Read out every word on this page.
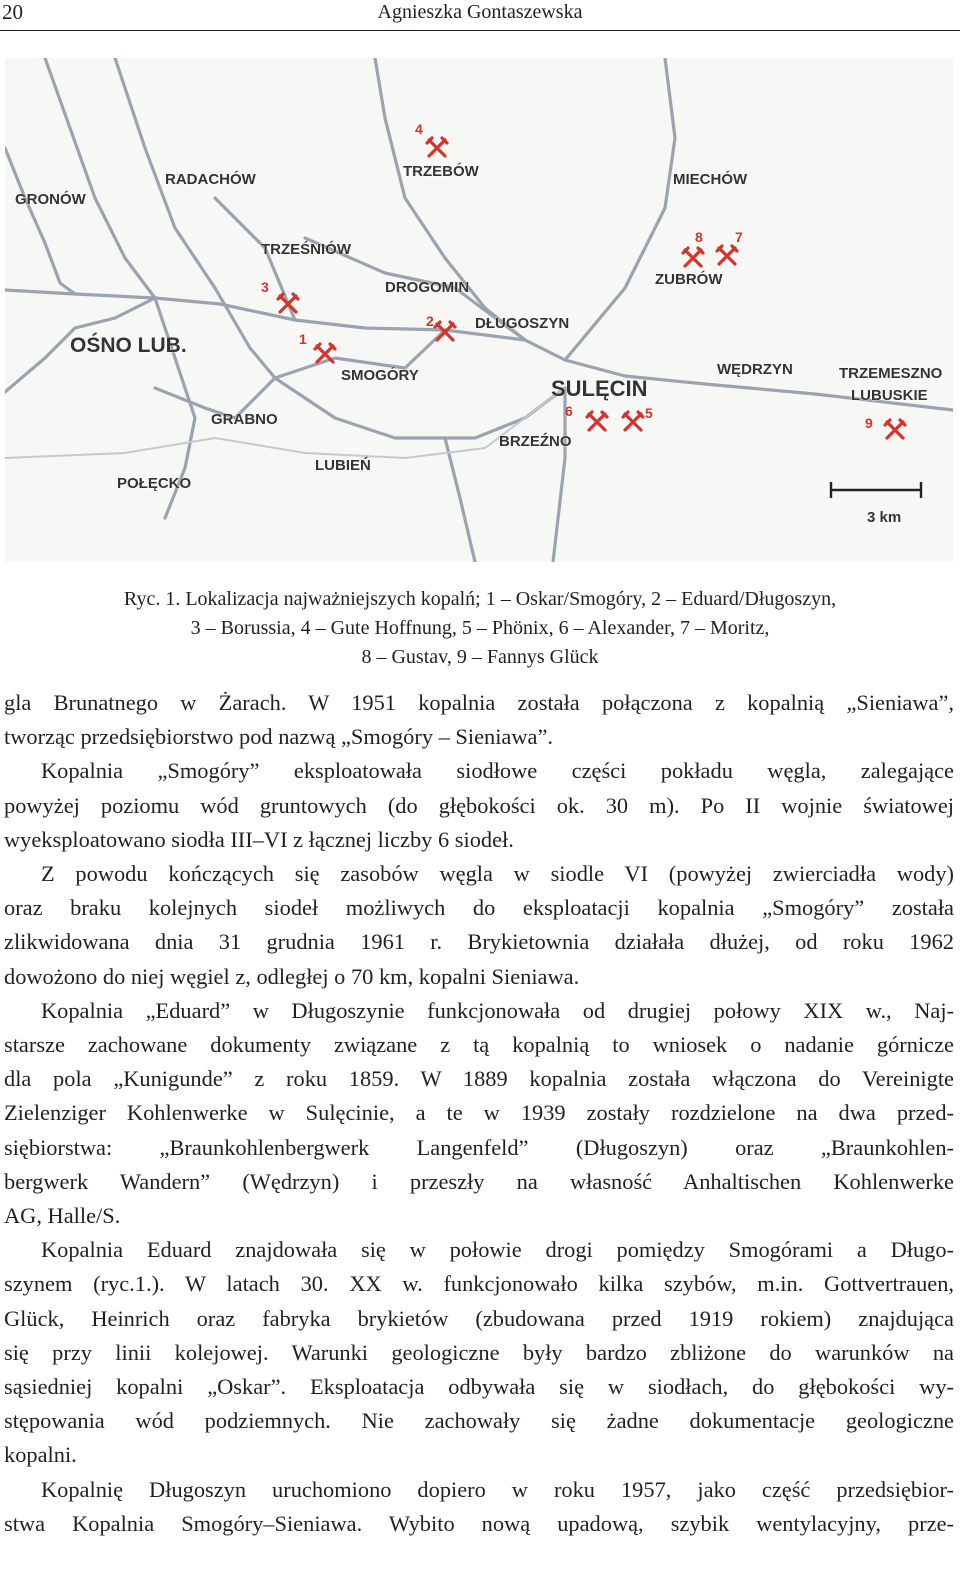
20	Agnieszka Gontaszewska
GRONÓW
RADACHÓW	TRZEBÓW	MIECHÓW
TRZEŚNIÓW
DROGOMIN	ZUBRÓW
OŚNO LUB.
DŁUGOSZYN
SMOGÓRY
SULĘCIN
WĘDRZYN	TRZEMESZNO
LUBUSKIE
GRABNO
BRZEŹNO
LUBIEŃ
POŁĘCKO
1
2
3
4
5
6
7
8
9
3 km
Ryc. 1. Lokalizacja najważniejszych kopalń; 1 – Oskar/Smogóry, 2 – Eduard/Długoszyn,
3 – Borussia, 4 – Gute Hoffnung, 5 – Phönix, 6 – Alexander, 7 – Moritz,
8 – Gustav, 9 – Fannys Glück
gla Brunatnego w Żarach. W 1951 kopalnia została połączona z kopalnią „Sieniawa”,
tworząc przedsiębiorstwo pod nazwą „Smogóry – Sieniawa”.
Kopalnia „Smogóry” eksploatowała siodłowe części pokładu węgla, zalegające
powyżej poziomu wód gruntowych (do głębokości ok. 30 m). Po II wojnie światowej
wyeksploatowano siodła III–VI z łącznej liczby 6 siodeł.
Z powodu kończących się zasobów węgla w siodle VI (powyżej zwierciadła wody)
oraz braku kolejnych siodeł możliwych do eksploatacji kopalnia „Smogóry” została
zlikwidowana dnia 31 grudnia 1961 r. Brykietownia działała dłużej, od roku 1962
dowożono do niej węgiel z, odległej o 70 km, kopalni Sieniawa.
Kopalnia „Eduard” w Długoszynie funkcjonowała od drugiej połowy XIX w., Naj-
starsze zachowane dokumenty związane z tą kopalnią to wniosek o nadanie górnicze
dla pola „Kunigunde” z roku 1859. W 1889 kopalnia została włączona do Vereinigte
Zielenziger Kohlenwerke w Sulęcinie, a te w 1939 zostały rozdzielone na dwa przed-
siębiorstwa: „Braunkohlenbergwerk Langenfeld” (Długoszyn) oraz „Braunkohlen-
bergwerk Wandern” (Wędrzyn) i przeszły na własność Anhaltischen Kohlenwerke
AG, Halle/S.
Kopalnia Eduard znajdowała się w połowie drogi pomiędzy Smogórami a Długo-
szynem (ryc.1.). W latach 30. XX w. funkcjonowało kilka szybów, m.in. Gottvertrauen,
Glück, Heinrich oraz fabryka brykietów (zbudowana przed 1919 rokiem) znajdująca
się przy linii kolejowej. Warunki geologiczne były bardzo zbliżone do warunków na
sąsiedniej kopalni „Oskar”. Eksploatacja odbywała się w siodłach, do głębokości wy-
stępowania wód podziemnych. Nie zachowały się żadne dokumentacje geologiczne
kopalni.
Kopalnię Długoszyn uruchomiono dopiero w roku 1957, jako część przedsiębior-
stwa Kopalnia Smogóry–Sieniawa. Wybito nową upadową, szybik wentylacyjny, prze-
